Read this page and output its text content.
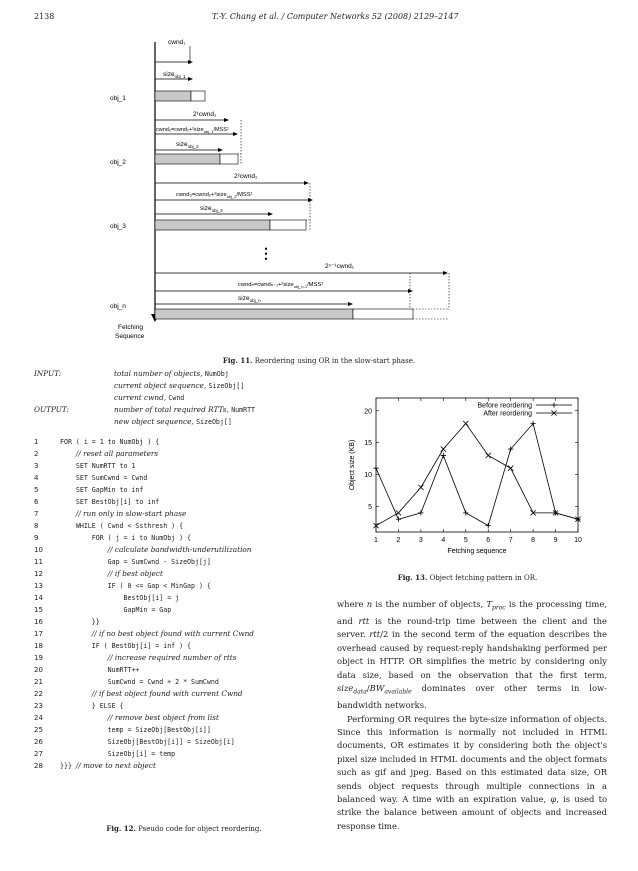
2138	T.-Y. Chang et al. / Computer Networks 52 (2008) 2129–2147
Fetching
Sequence
obj_1
cwnd₁
size$_{obj\_1}$
obj_2
2¹cwnd₁
cwnd₂=cwnd₁+²size$_{obj\_1}$/MSS¹
size$_{obj\_2}$
obj_3
2²cwnd₁
cwnd₃=cwnd₂+²size$_{obj\_2}$/MSS¹
size$_{obj\_3}$
⋮
obj_n
2ⁿ⁻¹cwnd₁
cwndₙ=cwndₙ₋₁+²size$_{obj\_n-1}$/MSS¹
size$_{obj\_n}$
Fig. 11. Reordering using OR in the slow-start phase.
INPUT:	total number of objects, NumObj
current object sequence, SizeObj[]
current cwnd, Cwnd
OUTPUT:	number of total required RTTs, NumRTT
new object sequence, SizeObj[]
1	FOR ( i = 1 to NumObj ) {
2	// reset all parameters
3	SET NumRTT to 1
4	SET SumCwnd = Cwnd
5	SET GapMin to inf
6	SET BestObj[i] to inf
7	// run only in slow-start phase
8	WHILE ( Cwnd < Ssthresh ) {
9	FOR ( j = i to NumObj ) {
10	// calculate bandwidth-underutilization
11	Gap = SumCwnd - SizeObj[j]
12	// if best object
13	IF ( 0 <= Gap < MinGap ) {
14	BestObj[i] = j
15	GapMin = Gap
16	}}
17	// if no best object found with current Cwnd
18	IF ( BestObj[i] = inf ) {
19	// increase required number of rtts
20	NumRTT++
21	SumCwnd = Cwnd + 2 * SumCwnd
22	// if best object found with current Cwnd
23	} ELSE {
24	// remove best object from list
25	temp = SizeObj[BestObj[i]]
26	SizeObj[BestObj[i]] = SizeObj[i]
27	SizeObj[i] = temp
28	}}} // move to next object
Fig. 12. Pseudo code for object reordering.
1	2	3	4	5	6	7	8	9 10
5
10
15
20
Fetching sequence
Object size (KB)
Before reordering
After reordering
Fig. 13. Object fetching pattern in OR.

where n is the number of objects, $T_{proc}$ is the processing time, and rtt is the round-trip time between the client and the server. rtt/2 in the second term of the equation describes the overhead caused by request-reply handshaking performed per object in HTTP. OR simplifies the metric by considering only data size, based on the observation that the first term, $size_{data}/BW_{available}$ dominates over other terms in low-bandwidth networks.

Performing OR requires the byte-size information of objects. Since this information is normally not included in HTML documents, OR estimates it by considering both the object's pixel size included in HTML documents and the object formats such as gif and jpeg. Based on this estimated data size, OR sends object requests through multiple connections in a balanced way. A time with an expiration value, φ, is used to strike the balance between amount of objects and increased response time.
